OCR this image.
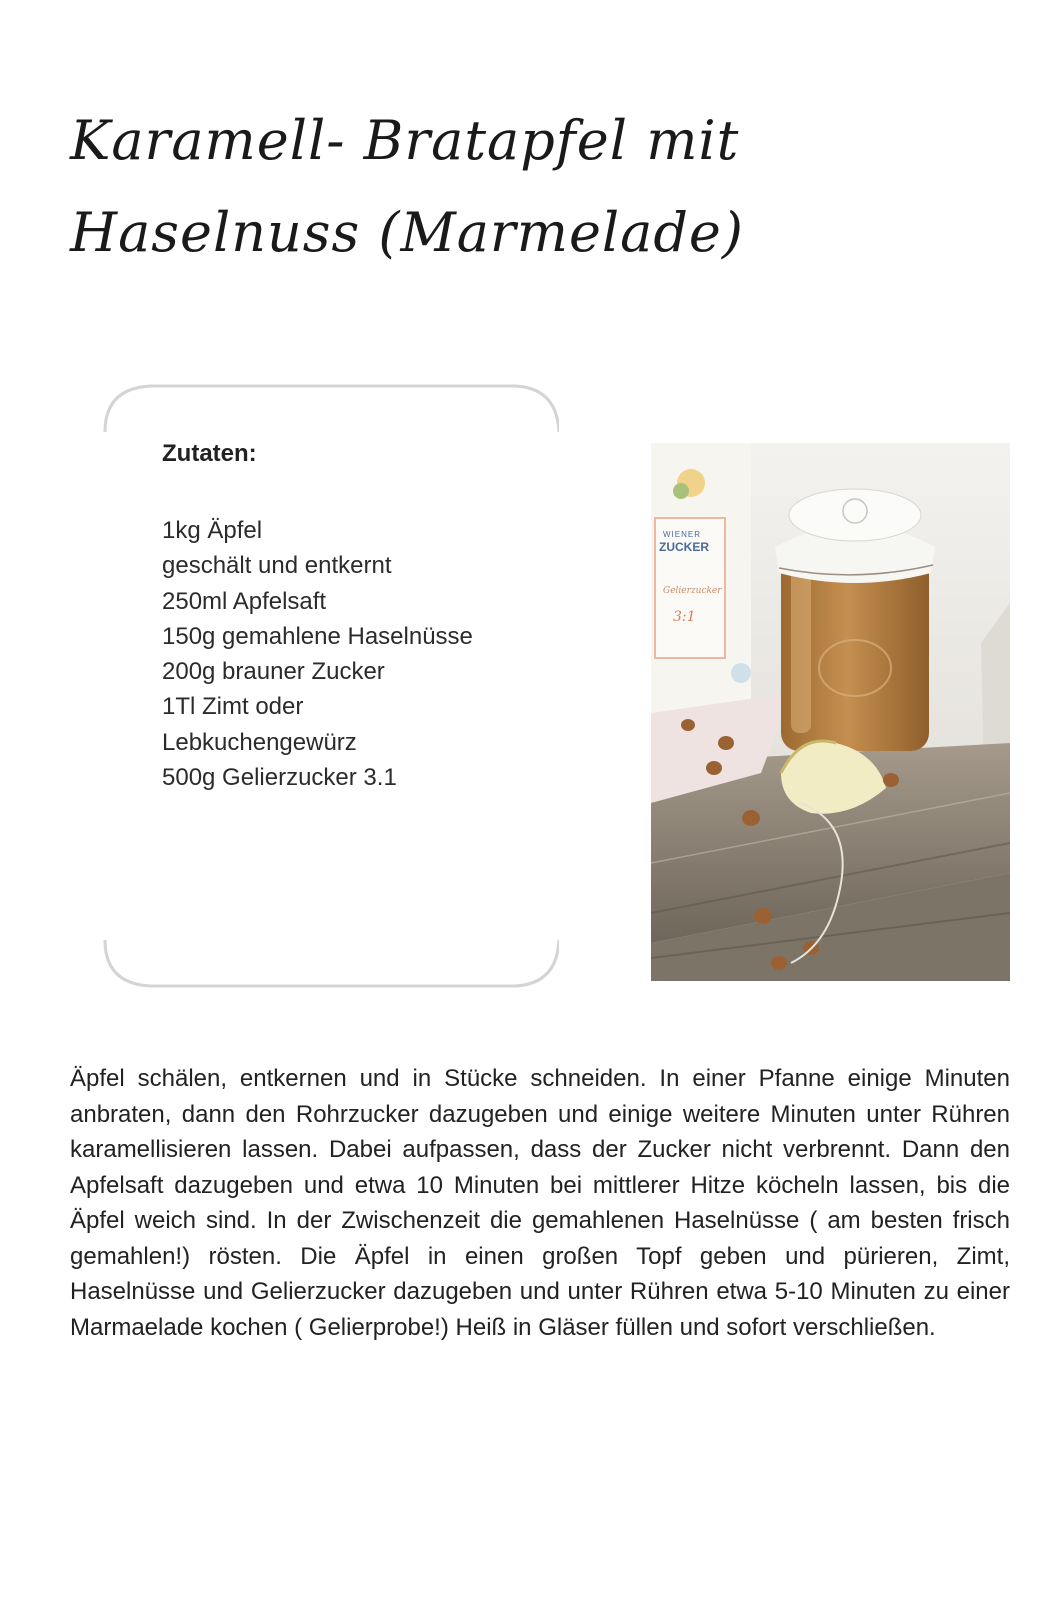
Karamell- Bratapfel mit
Haselnuss (Marmelade)
Zutaten:
1kg Äpfel
geschält und entkernt
250ml Apfelsaft
150g gemahlene Haselnüsse
200g brauner Zucker
1Tl Zimt oder
Lebkuchengewürz
500g Gelierzucker 3.1
WIENER
ZUCKER
Gelierzucker
3:1

Äpfel schälen, entkernen und in Stücke schneiden. In einer Pfanne einige Minuten anbraten, dann den Rohrzucker dazugeben und einige weitere Minuten unter Rühren karamellisieren lassen. Dabei aufpassen, dass der Zucker nicht verbrennt. Dann den Apfelsaft dazugeben und etwa 10 Minuten bei mittlerer Hitze köcheln lassen, bis die Äpfel weich sind. In der Zwischenzeit die gemahlenen Haselnüsse ( am besten frisch gemahlen!) rösten. Die Äpfel in einen großen Topf geben und pürieren, Zimt, Haselnüsse und Gelierzucker dazugeben und unter Rühren etwa 5-10 Minuten zu einer Marmaelade kochen ( Gelierprobe!) Heiß in Gläser füllen und sofort verschließen.
